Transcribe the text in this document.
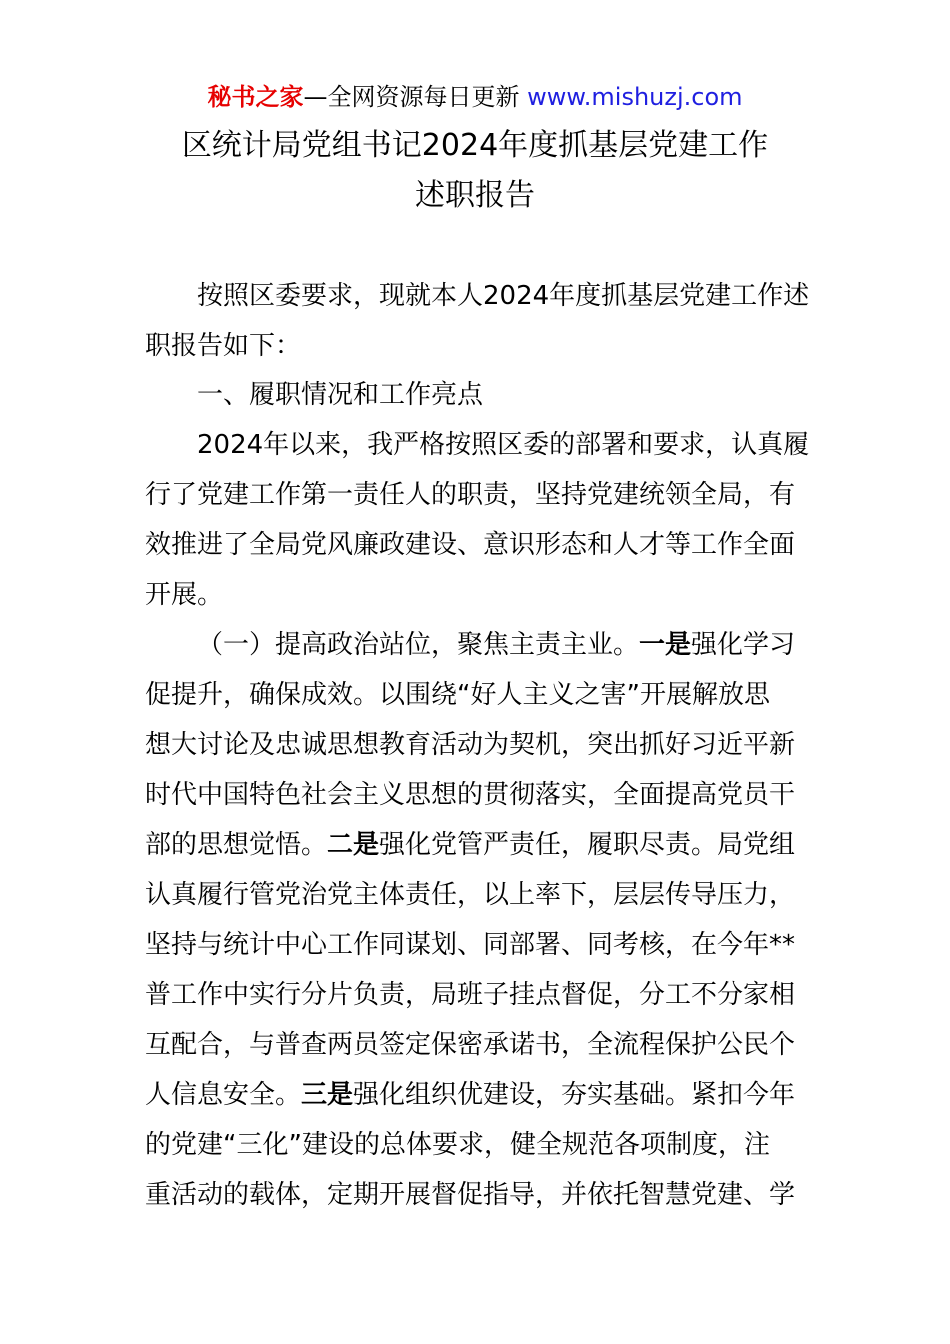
秘书之家—全网资源每日更新 www.mishuzj.com
区统计局党组书记2024年度抓基层党建工作
述职报告
按照区委要求，现就本人2024年度抓基层党建工作述
职报告如下：
一、履职情况和工作亮点
2024年以来，我严格按照区委的部署和要求，认真履
行了党建工作第一责任人的职责，坚持党建统领全局，有
效推进了全局党风廉政建设、意识形态和人才等工作全面
开展。
（一）提高政治站位，聚焦主责主业。一是强化学习
促提升，确保成效。以围绕“好人主义之害”开展解放思
想大讨论及忠诚思想教育活动为契机，突出抓好习近平新
时代中国特色社会主义思想的贯彻落实，全面提高党员干
部的思想觉悟。二是强化党管严责任，履职尽责。局党组
认真履行管党治党主体责任，以上率下，层层传导压力，
坚持与统计中心工作同谋划、同部署、同考核，在今年**
普工作中实行分片负责，局班子挂点督促，分工不分家相
互配合，与普查两员签定保密承诺书，全流程保护公民个
人信息安全。三是强化组织优建设，夯实基础。紧扣今年
的党建“三化”建设的总体要求，健全规范各项制度，注
重活动的载体，定期开展督促指导，并依托智慧党建、学
